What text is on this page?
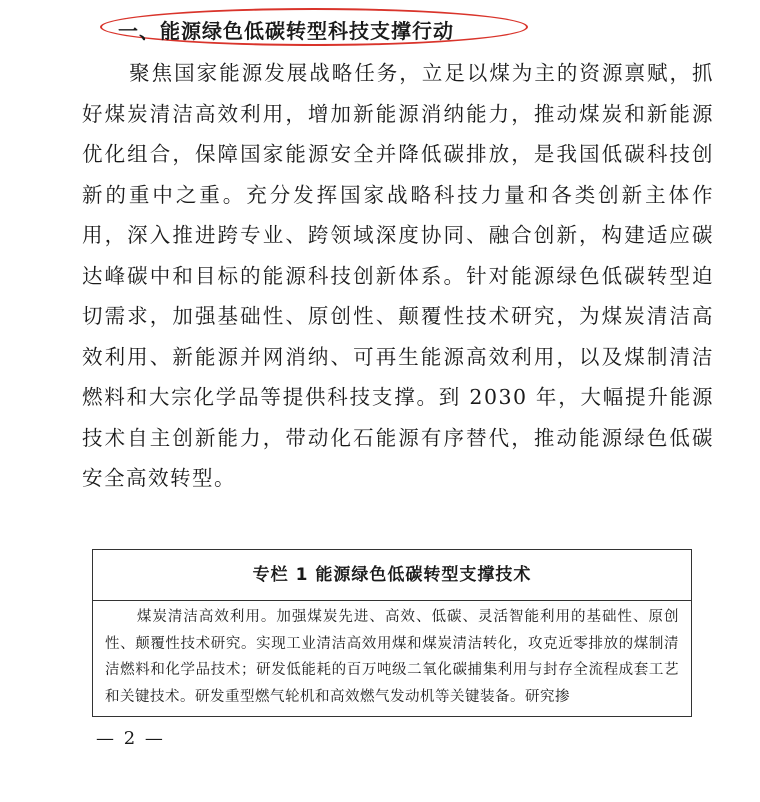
一、能源绿色低碳转型科技支撑行动

聚焦国家能源发展战略任务，立足以煤为主的资源禀赋，抓好煤炭清洁高效利用，增加新能源消纳能力，推动煤炭和新能源优化组合，保障国家能源安全并降低碳排放，是我国低碳科技创新的重中之重。充分发挥国家战略科技力量和各类创新主体作用，深入推进跨专业、跨领域深度协同、融合创新，构建适应碳达峰碳中和目标的能源科技创新体系。针对能源绿色低碳转型迫切需求，加强基础性、原创性、颠覆性技术研究，为煤炭清洁高效利用、新能源并网消纳、可再生能源高效利用，以及煤制清洁燃料和大宗化学品等提供科技支撑。到 2030 年，大幅提升能源技术自主创新能力，带动化石能源有序替代，推动能源绿色低碳安全高效转型。

专栏 1 能源绿色低碳转型支撑技术

煤炭清洁高效利用。加强煤炭先进、高效、低碳、灵活智能利用的基础性、原创性、颠覆性技术研究。实现工业清洁高效用煤和煤炭清洁转化，攻克近零排放的煤制清洁燃料和化学品技术；研发低能耗的百万吨级二氧化碳捕集利用与封存全流程成套工艺和关键技术。研发重型燃气轮机和高效燃气发动机等关键装备。研究掺

— 2 —
